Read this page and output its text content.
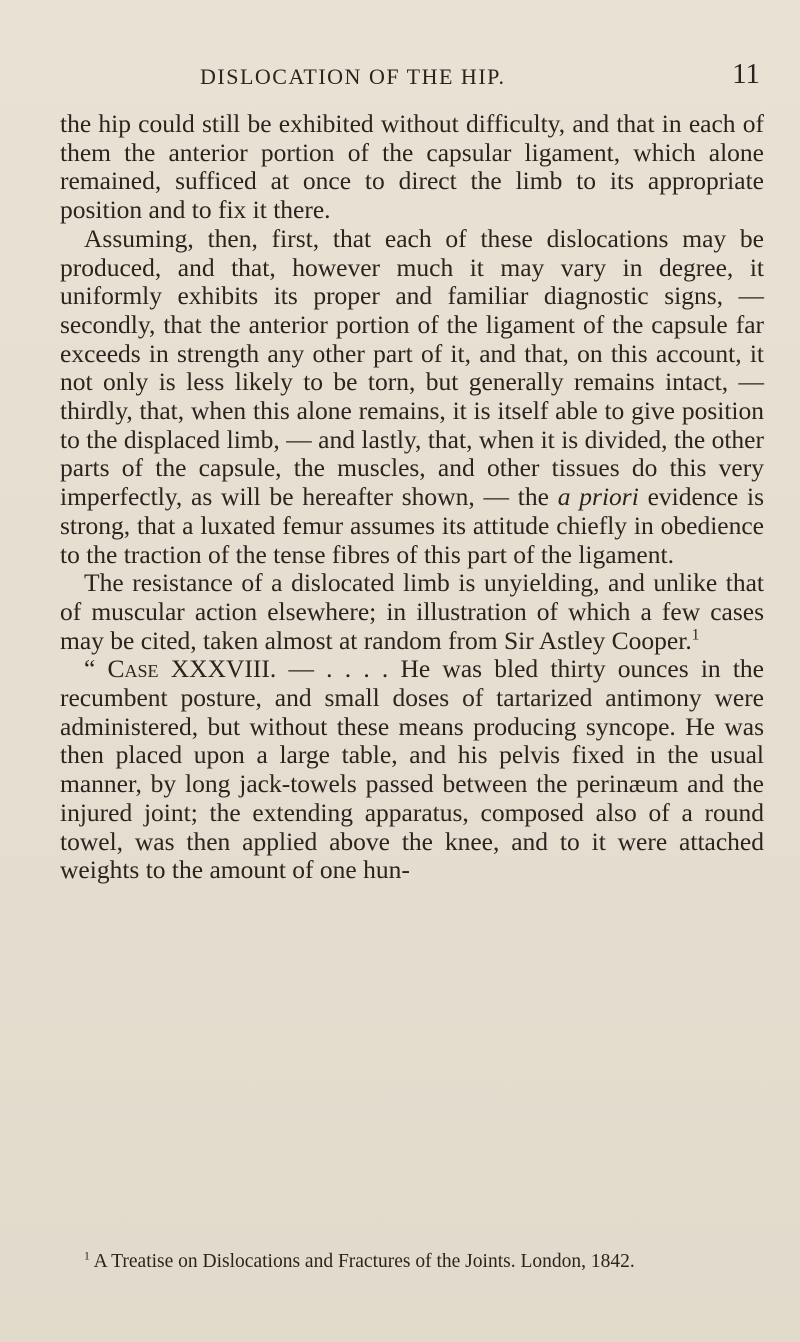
DISLOCATION OF THE HIP.	11

the hip could still be exhibited without difficulty, and that in each of them the anterior portion of the capsular ligament, which alone remained, sufficed at once to direct the limb to its appropriate position and to fix it there.

Assuming, then, first, that each of these dislocations may be produced, and that, however much it may vary in degree, it uniformly exhibits its proper and familiar diagnostic signs, — secondly, that the anterior portion of the ligament of the capsule far exceeds in strength any other part of it, and that, on this account, it not only is less likely to be torn, but generally remains intact, — thirdly, that, when this alone remains, it is itself able to give position to the displaced limb, — and lastly, that, when it is divided, the other parts of the capsule, the muscles, and other tissues do this very imperfectly, as will be hereafter shown, — the a priori evidence is strong, that a luxated femur assumes its attitude chiefly in obedience to the traction of the tense fibres of this part of the ligament.

The resistance of a dislocated limb is unyielding, and unlike that of muscular action elsewhere; in illustration of which a few cases may be cited, taken almost at random from Sir Astley Cooper.$^1$

“ Case XXXVIII. — . . . . He was bled thirty ounces in the recumbent posture, and small doses of tartarized antimony were administered, but without these means producing syncope. He was then placed upon a large table, and his pelvis fixed in the usual manner, by long jack-towels passed between the perinæum and the injured joint; the extending apparatus, composed also of a round towel, was then applied above the knee, and to it were attached weights to the amount of one hun-

$^1$ A Treatise on Dislocations and Fractures of the Joints. London, 1842.
